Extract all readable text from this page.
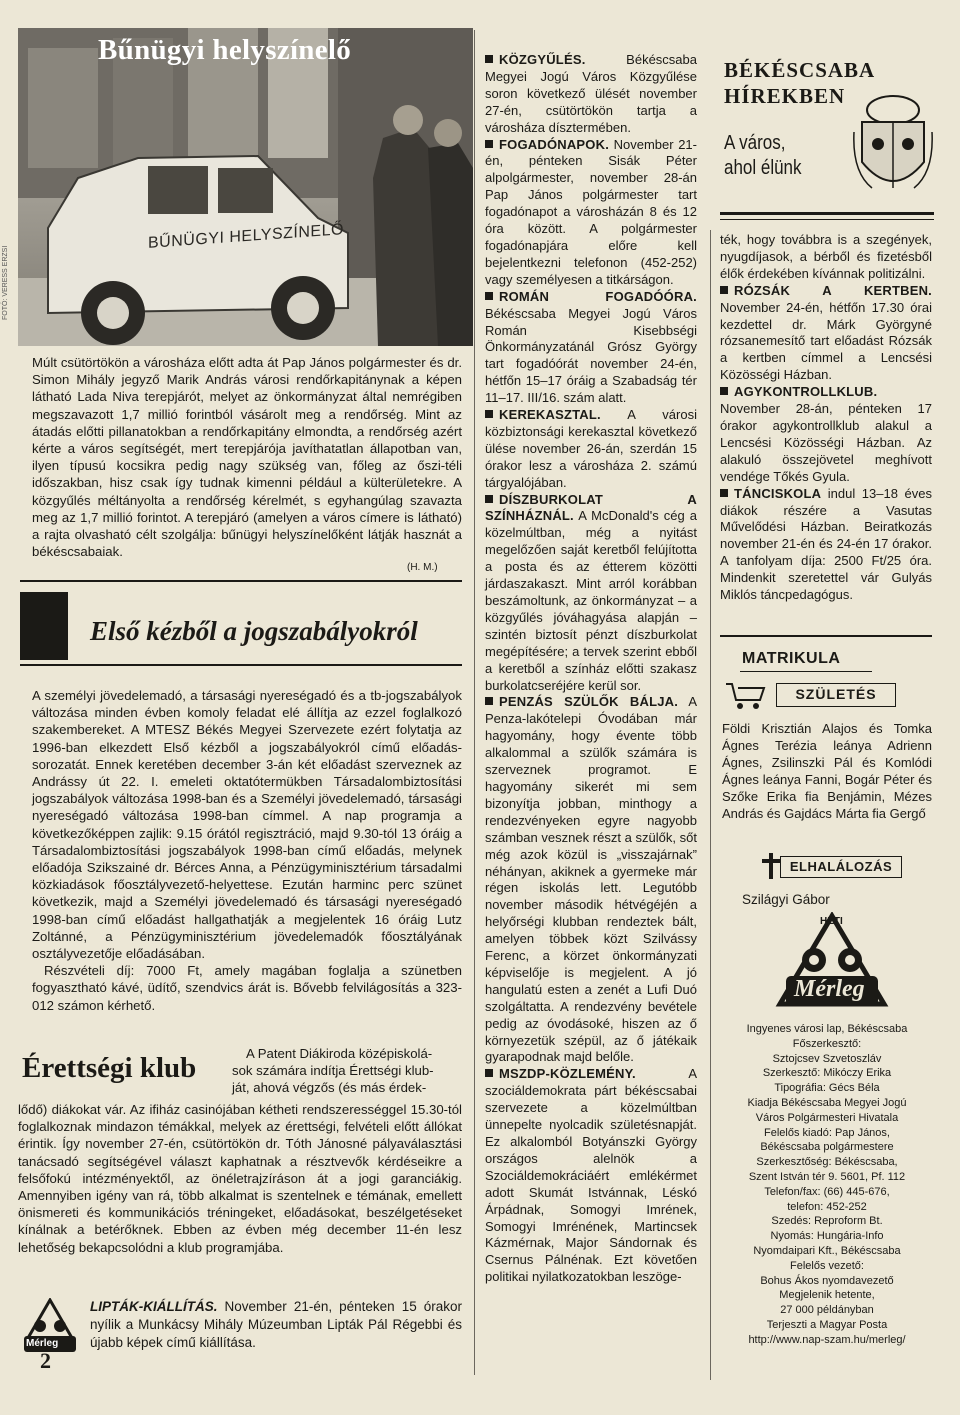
Bűnügyi helyszínelő
BŰNÜGYI HELYSZÍNELŐ
FOTÓ: VERESS ERZSI

Múlt csütörtökön a városháza előtt adta át Pap János polgármester és dr. Simon Mihály jegyző Marik András városi rendőrkapitánynak a képen látható Lada Niva terepjárót, melyet az önkormányzat által nemrégiben megszavazott 1,7 millió forintból vásárolt meg a rendőrség. Mint az átadás előtti pillanatokban a rendőrkapitány elmondta, a rendőrség azért kérte a város segítségét, mert terepjárója javíthatatlan állapotban van, ilyen típusú kocsikra pedig nagy szükség van, főleg az őszi-téli időszakban, hisz csak így tudnak kimenni például a külterületekre. A közgyűlés méltányolta a rendőrség kérelmét, s egyhangúlag szavazta meg az 1,7 millió forintot. A terepjáró (amelyen a város címere is látható) a rajta olvasható célt szolgálja: bűnügyi helyszínelőként látják hasznát a békéscsabaiak.

(H. M.)
Első kézből a jogszabályokról

A személyi jövedelemadó, a társasági nyereségadó és a tb-jogszabályok változása minden évben komoly feladat elé állítja az ezzel foglalkozó szakembereket. A MTESZ Békés Megyei Szervezete ezért folytatja az 1996-ban elkezdett Első kézből a jogszabályokról című előadás-sorozatát. Ennek keretében december 3-án két előadást szerveznek az Andrássy út 22. I. emeleti oktatótermükben Társadalombiztosítási jogszabályok változása 1998-ban és a Személyi jövedelemadó, társasági nyereségadó változása 1998-ban címmel. A nap programja a következőképpen zajlik: 9.15 órától regisztráció, majd 9.30-tól 13 óráig a Társadalombiztosítási jogszabályok 1998-ban című előadás, melynek előadója Szikszainé dr. Bérces Anna, a Pénzügyminisztérium társadalmi közkiadások főosztályvezető-helyettese. Ezután harminc perc szünet következik, majd a Személyi jövedelemadó és társasági nyereségadó 1998-ban című előadást hallgathatják a megjelentek 16 óráig Lutz Zoltánné, a Pénzügyminisztérium jövedelemadók főosztályának osztályvezetője előadásában.

Részvételi díj: 7000 Ft, amely magában foglalja a szünetben fogyasztható kávé, üdítő, szendvics árát is. Bővebb felvilágosítás a 323-012 számon kérhető.

Érettségi klub	A Patent Diákiroda középiskolá-

sok számára indítja Érettségi klub-

ját, ahová végzős (és más érdek-

lődő) diákokat vár. Az ifiház casinójában kétheti rendszerességgel 15.30-tól foglalkoznak mindazon témákkal, melyek az érettségi, felvételi előtt állókat érintik. Így november 27-én, csütörtökön dr. Tóth Jánosné pályaválasztási tanácsadó segítségével választ kaphatnak a résztvevők kérdéseikre a felsőfokú intézményektől, az önéletrajzíráson át a jogi garanciákig. Amennyiben igény van rá, több alkalmat is szentelnek e témának, emellett önismereti és kommunikációs tréningeket, előadásokat, beszélgetéseket kínálnak a betérőknek. Ebben az évben még december 11-én lesz lehetőség bekapcsolódni a klub programjába.

Mérleg
2
LIPTÁK-KIÁLLÍTÁS. November 21-én, pénteken 15 órakor nyílik a Munkácsy Mihály Múzeumban Lipták Pál Régebbi és újabb képek című kiállítása.

KÖZGYŰLÉS.	Békéscsaba Megyei Jogú Város Közgyűlése soron következő ülését november 27-én, csütörtökön tartja a városháza dísztermében.

FOGADÓNAPOK. November 21-én, pénteken Sisák Péter alpolgármester, november 28-án Pap János polgármester tart fogadónapot a városházán 8 és 12 óra között. A polgármester fogadónapjára előre kell bejelentkezni telefonon (452-252) vagy személyesen a titkárságon.

ROMÁN FOGADÓÓRA. Békéscsaba Megyei Jogú Város Román Kisebbségi Önkormányzatánál Grósz György tart fogadóórát november 24-én, hétfőn 15–17 óráig a Szabadság tér 11–17. III/16. szám alatt.

KEREKASZTAL. A városi közbiztonsági kerekasztal következő ülése november 26-án, szerdán 15 órakor lesz a városháza 2. számú tárgyalójában.

DÍSZBURKOLAT A SZÍNHÁZNÁL. A McDonald's cég a közelmúltban, még a nyitást megelőzően saját keretből felújította a posta és az étterem közötti járdaszakaszt. Mint arról korábban beszámoltunk, az önkormányzat – a közgyűlés jóváhagyása alapján – szintén biztosít pénzt díszburkolat megépítésére; a tervek szerint ebből a keretből a színház előtti szakasz burkolatcseréjére kerül sor.

PENZÁS SZÜLŐK BÁLJA. A Penza-lakótelepi Óvodában már hagyomány, hogy évente több alkalommal a szülők számára is szerveznek programot. E hagyomány sikerét mi sem bizonyítja jobban, minthogy a rendezvényeken egyre nagyobb számban vesznek részt a szülők, sőt még azok közül is „visszajárnak” néhányan, akiknek a gyermeke már régen iskolás lett. Legutóbb november második hétvégéjén a helyőrségi klubban rendeztek bált, amelyen többek közt Szilvássy Ferenc, a körzet önkormányzati képviselője is megjelent. A jó hangulatú esten a zenét a Lufi Duó szolgáltatta. A rendezvény bevétele pedig az óvodásoké, hiszen az ő környezetük szépül, az ő játékaik gyarapodnak majd belőle.

MSZDP-KÖZLEMÉNY.	A szociáldemokrata párt békéscsabai szervezete a közelmúltban ünnepelte nyolcadik születésnapját. Ez alkalomból Botyánszki György országos alelnök a Szociáldemokráciáért emlékérmet adott Skumát Istvánnak, Léskó Árpádnak, Somogyi Imrének, Somogyi Imrénének, Martincsek Kázmérnak, Major Sándornak és Csernus Pálnénak. Ezt követően politikai nyilatkozatokban leszöge-

BÉKÉSCSABA
HÍREKBEN
A város,
ahol élünk

ték, hogy továbbra is a szegények, nyugdíjasok, a bérből és fizetésből élők érdekében kívánnak politizálni.

RÓZSÁK A KERTBEN. November 24-én, hétfőn 17.30 órai kezdettel dr. Márk Györgyné rózsanemesítő tart előadást Rózsák a kertben címmel a Lencsési Közösségi Házban.

AGYKONTROLLKLUB. November 28-án, pénteken 17 órakor agykontrollklub alakul a Lencsési Közösségi Házban. Az alakuló összejövetel meghívott vendége Tőkés Gyula.

TÁNCISKOLA indul 13–18 éves diákok részére a Vasutas Művelődési Házban. Beiratkozás november 21-én és 24-én 17 órakor. A tanfolyam díja: 2500 Ft/25 óra. Mindenkit szeretettel vár Gulyás Miklós táncpedagógus.

MATRIKULA
SZÜLETÉS
Földi Krisztián Alajos és Tomka Ágnes Terézia leánya Adrienn Ágnes, Zsilinszki Pál és Komlódi Ágnes leánya Fanni, Bogár Péter és Szőke Erika fia Benjámin, Mézes András és Gajdács Márta fia Gergő
ELHALÁLOZÁS
Szilágyi Gábor
HETI
Mérleg
Ingyenes városi lap, Békéscsaba
Főszerkesztő:
Sztojcsev Szvetoszláv
Szerkesztő: Mikóczy Erika
Tipográfia: Gécs Béla
Kiadja Békéscsaba Megyei Jogú
Város Polgármesteri Hivatala
Felelős kiadó: Pap János,
Békéscsaba polgármestere
Szerkesztőség: Békéscsaba,
Szent István tér 9. 5601, Pf. 112
Telefon/fax: (66) 445-676,
telefon: 452-252
Szedés: Reproform Bt.
Nyomás: Hungária-Info
Nyomdaipari Kft., Békéscsaba
Felelős vezető:
Bohus Ákos nyomdavezető
Megjelenik hetente,
27 000 példányban
Terjeszti a Magyar Posta
http://www.nap-szam.hu/merleg/
